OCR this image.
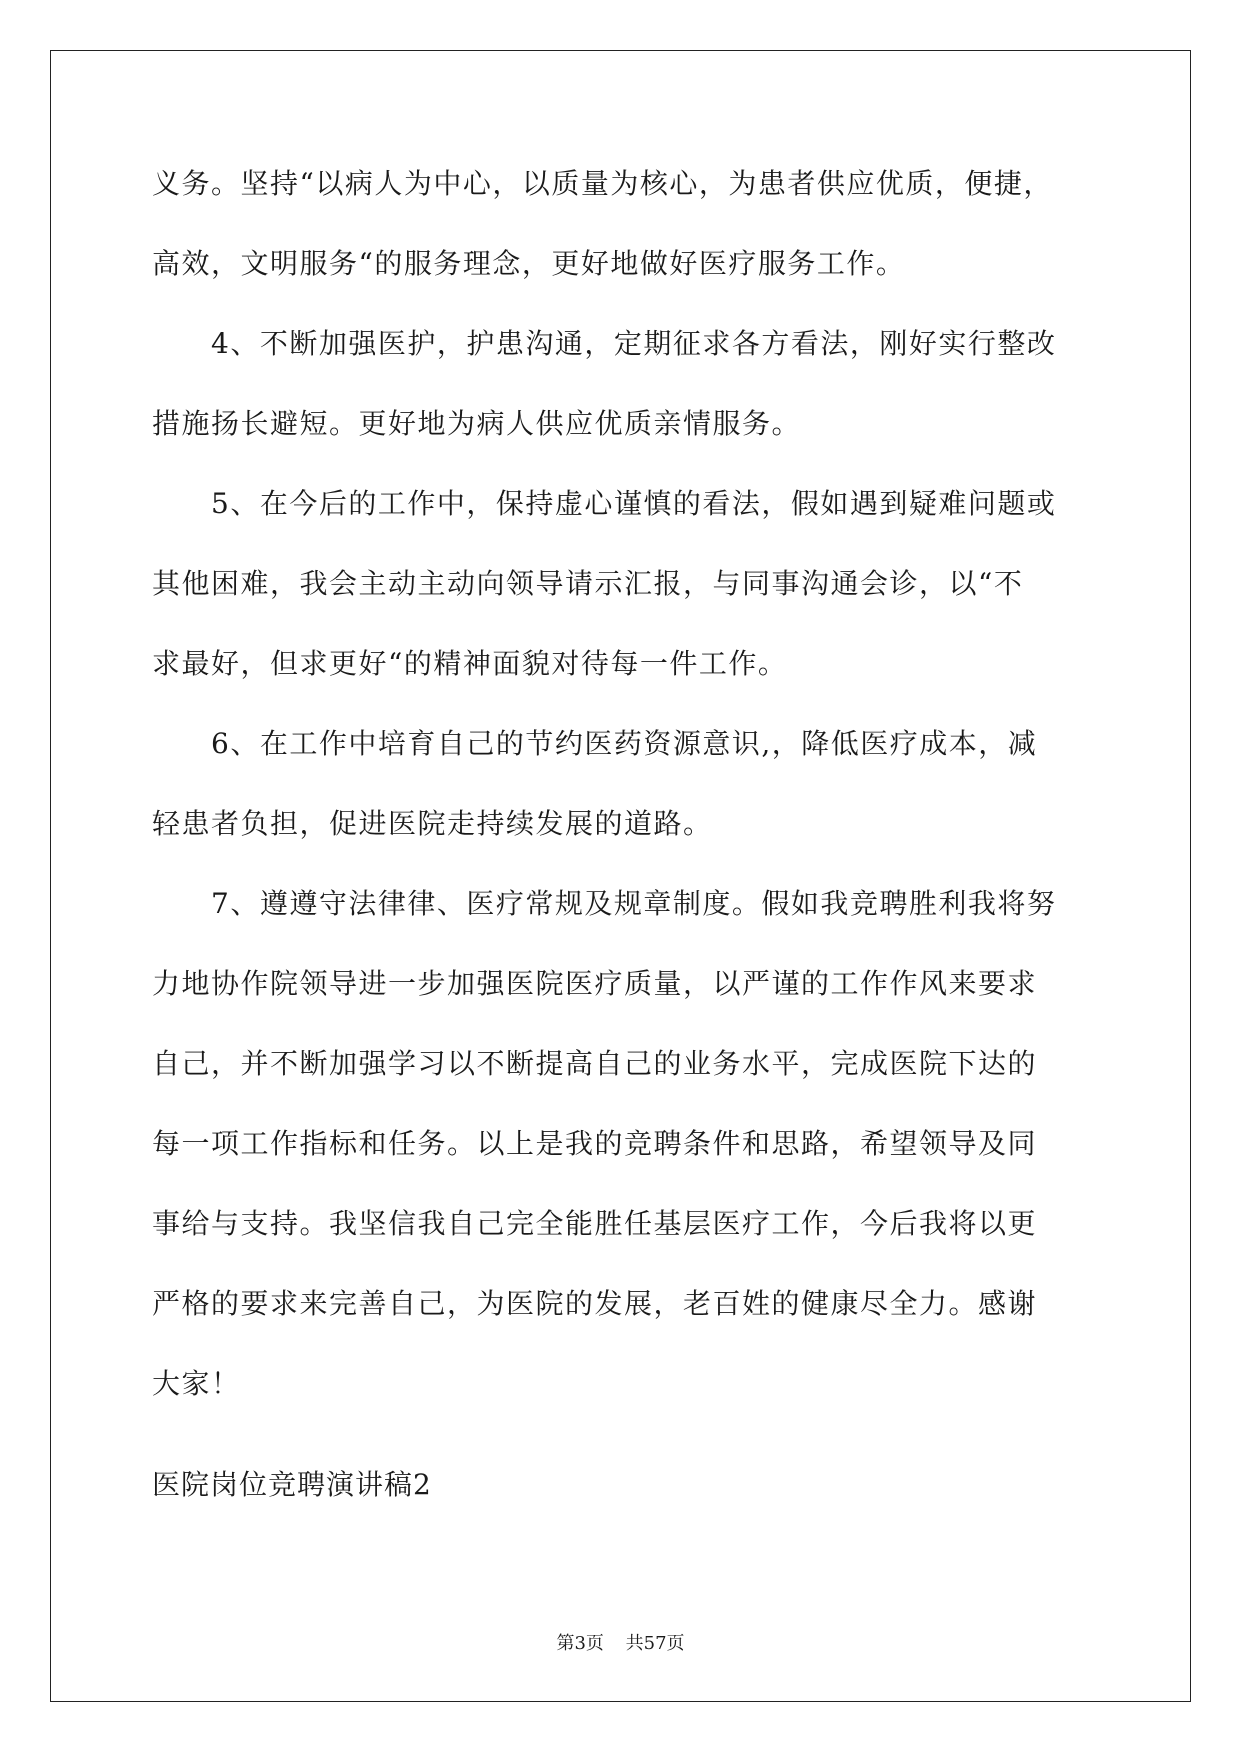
义务。坚持“以病人为中心，以质量为核心，为患者供应优质，便捷，
高效，文明服务“的服务理念，更好地做好医疗服务工作。
　　4、不断加强医护，护患沟通，定期征求各方看法，刚好实行整改
措施扬长避短。更好地为病人供应优质亲情服务。
　　5、在今后的工作中，保持虚心谨慎的看法，假如遇到疑难问题或
其他困难，我会主动主动向领导请示汇报，与同事沟通会诊，以“不
求最好，但求更好“的精神面貌对待每一件工作。
　　6、在工作中培育自己的节约医药资源意识,，降低医疗成本，减
轻患者负担，促进医院走持续发展的道路。
　　7、遵遵守法律律、医疗常规及规章制度。假如我竞聘胜利我将努
力地协作院领导进一步加强医院医疗质量，以严谨的工作作风来要求
自己，并不断加强学习以不断提高自己的业务水平，完成医院下达的
每一项工作指标和任务。以上是我的竞聘条件和思路，希望领导及同
事给与支持。我坚信我自己完全能胜任基层医疗工作，今后我将以更
严格的要求来完善自己，为医院的发展，老百姓的健康尽全力。感谢
大家！
医院岗位竞聘演讲稿2
第3页 共57页
